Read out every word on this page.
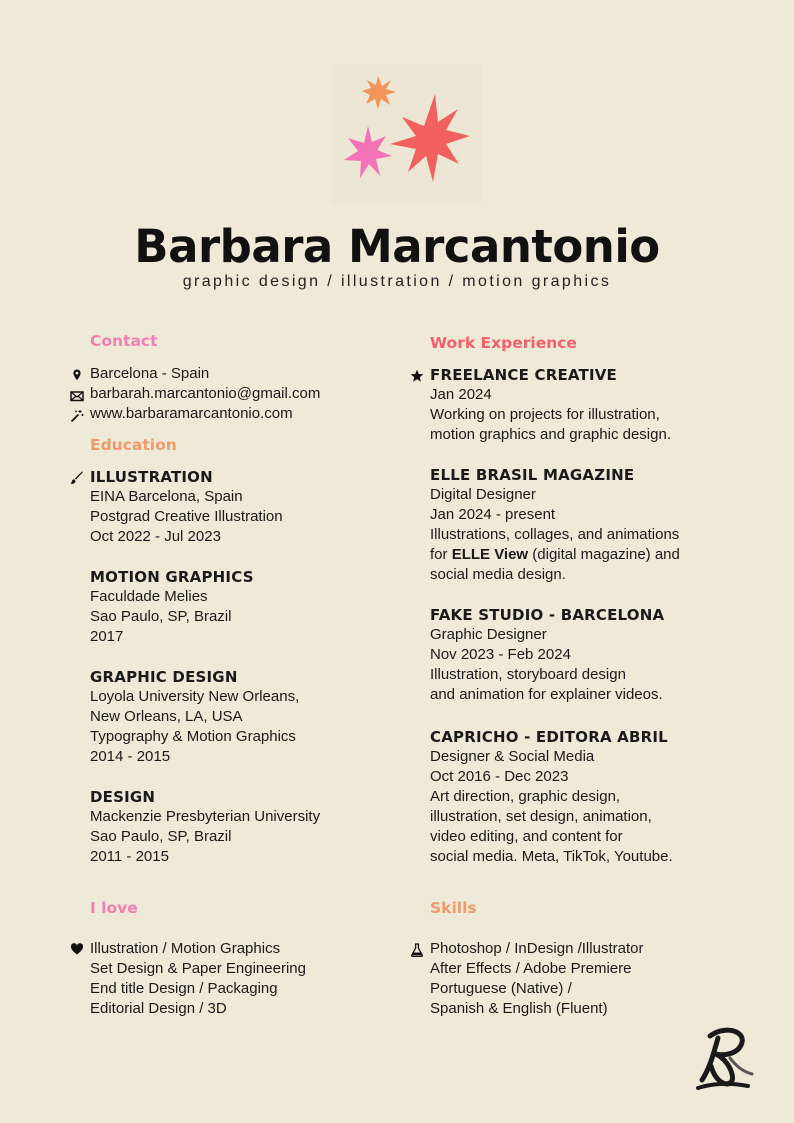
Barbara Marcantonio
graphic design / illustration / motion graphics
Contact
Barcelona - Spain
barbarah.marcantonio@gmail.com
www.barbaramarcantonio.com
Education
ILLUSTRATION
EINA Barcelona, Spain
Postgrad Creative Illustration
Oct 2022 - Jul 2023
MOTION GRAPHICS
Faculdade Melies
Sao Paulo, SP, Brazil
2017
GRAPHIC DESIGN
Loyola University New Orleans,
New Orleans, LA, USA
Typography & Motion Graphics
2014 - 2015
DESIGN
Mackenzie Presbyterian University
Sao Paulo, SP, Brazil
2011 - 2015
Work Experience
FREELANCE CREATIVE
Jan 2024
Working on projects for illustration,
motion graphics and graphic design.
ELLE BRASIL MAGAZINE
Digital Designer
Jan 2024 - present
Illustrations, collages, and animations
for ELLE View (digital magazine) and
social media design.
FAKE STUDIO - BARCELONA
Graphic Designer
Nov 2023 - Feb 2024
Illustration, storyboard design
and animation for explainer videos.
CAPRICHO - EDITORA ABRIL
Designer & Social Media
Oct 2016 - Dec 2023
Art direction, graphic design,
illustration, set design, animation,
video editing, and content for
social media. Meta, TikTok, Youtube.
I love
Illustration / Motion Graphics
Set Design & Paper Engineering
End title Design / Packaging
Editorial Design / 3D
Skills
Photoshop / InDesign /Illustrator
After Effects / Adobe Premiere
Portuguese (Native) /
Spanish & English (Fluent)
